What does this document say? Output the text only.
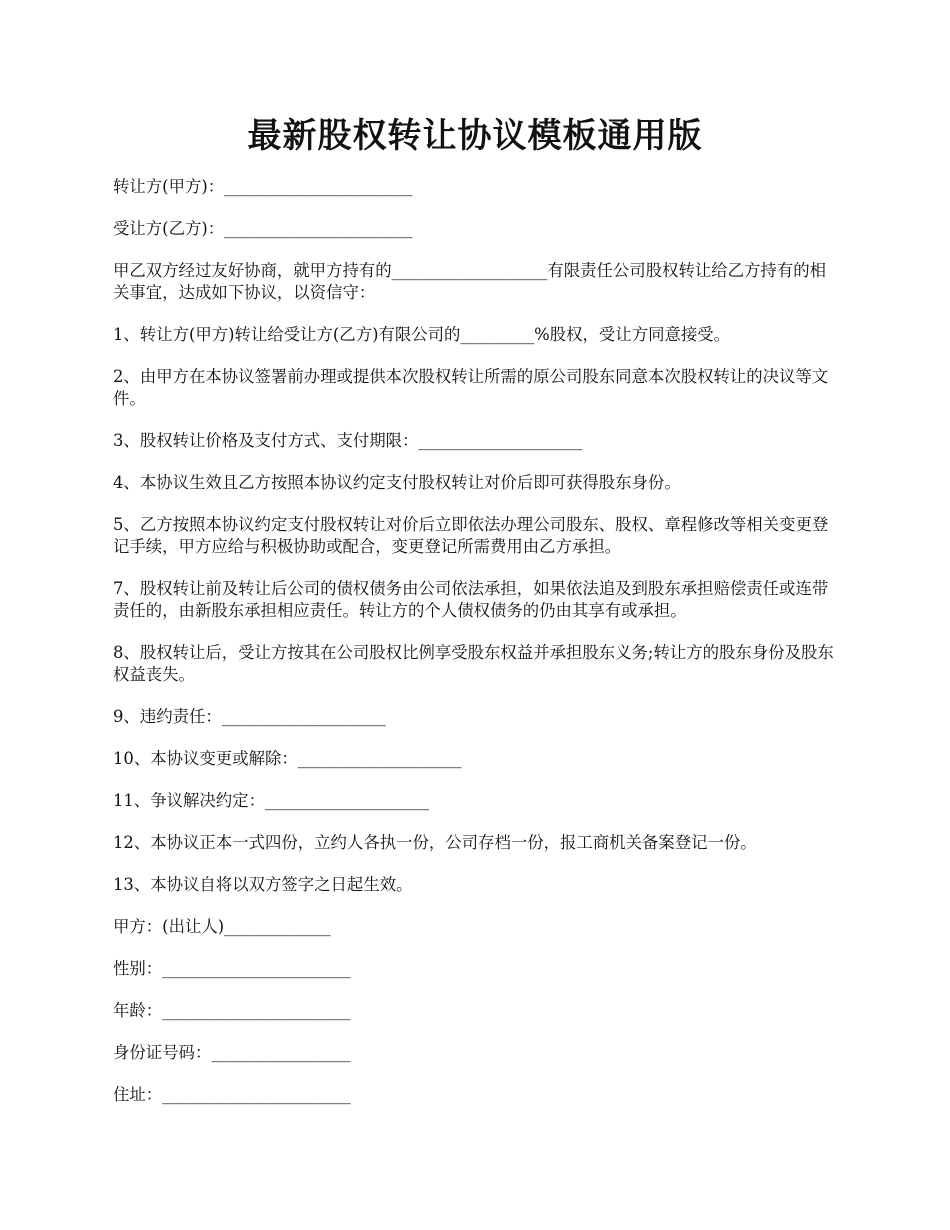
最新股权转让协议模板通用版

转让方(甲方)：_______________________

受让方(乙方)：_______________________

甲乙双方经过友好协商，就甲方持有的___________________有限责任公司股权转让给乙方持有的相关事宜，达成如下协议，以资信守：

1、转让方(甲方)转让给受让方(乙方)有限公司的_________%股权，受让方同意接受。

2、由甲方在本协议签署前办理或提供本次股权转让所需的原公司股东同意本次股权转让的决议等文件。

3、股权转让价格及支付方式、支付期限：____________________

4、本协议生效且乙方按照本协议约定支付股权转让对价后即可获得股东身份。

5、乙方按照本协议约定支付股权转让对价后立即依法办理公司股东、股权、章程修改等相关变更登记手续，甲方应给与积极协助或配合，变更登记所需费用由乙方承担。

7、股权转让前及转让后公司的债权债务由公司依法承担，如果依法追及到股东承担赔偿责任或连带责任的，由新股东承担相应责任。转让方的个人债权债务的仍由其享有或承担。

8、股权转让后，受让方按其在公司股权比例享受股东权益并承担股东义务;转让方的股东身份及股东权益丧失。

9、违约责任：____________________

10、本协议变更或解除：____________________

11、争议解决约定：____________________

12、本协议正本一式四份，立约人各执一份，公司存档一份，报工商机关备案登记一份。

13、本协议自将以双方签字之日起生效。

甲方：(出让人)_____________

性别：_______________________

年龄：_______________________

身份证号码：_________________

住址：_______________________
